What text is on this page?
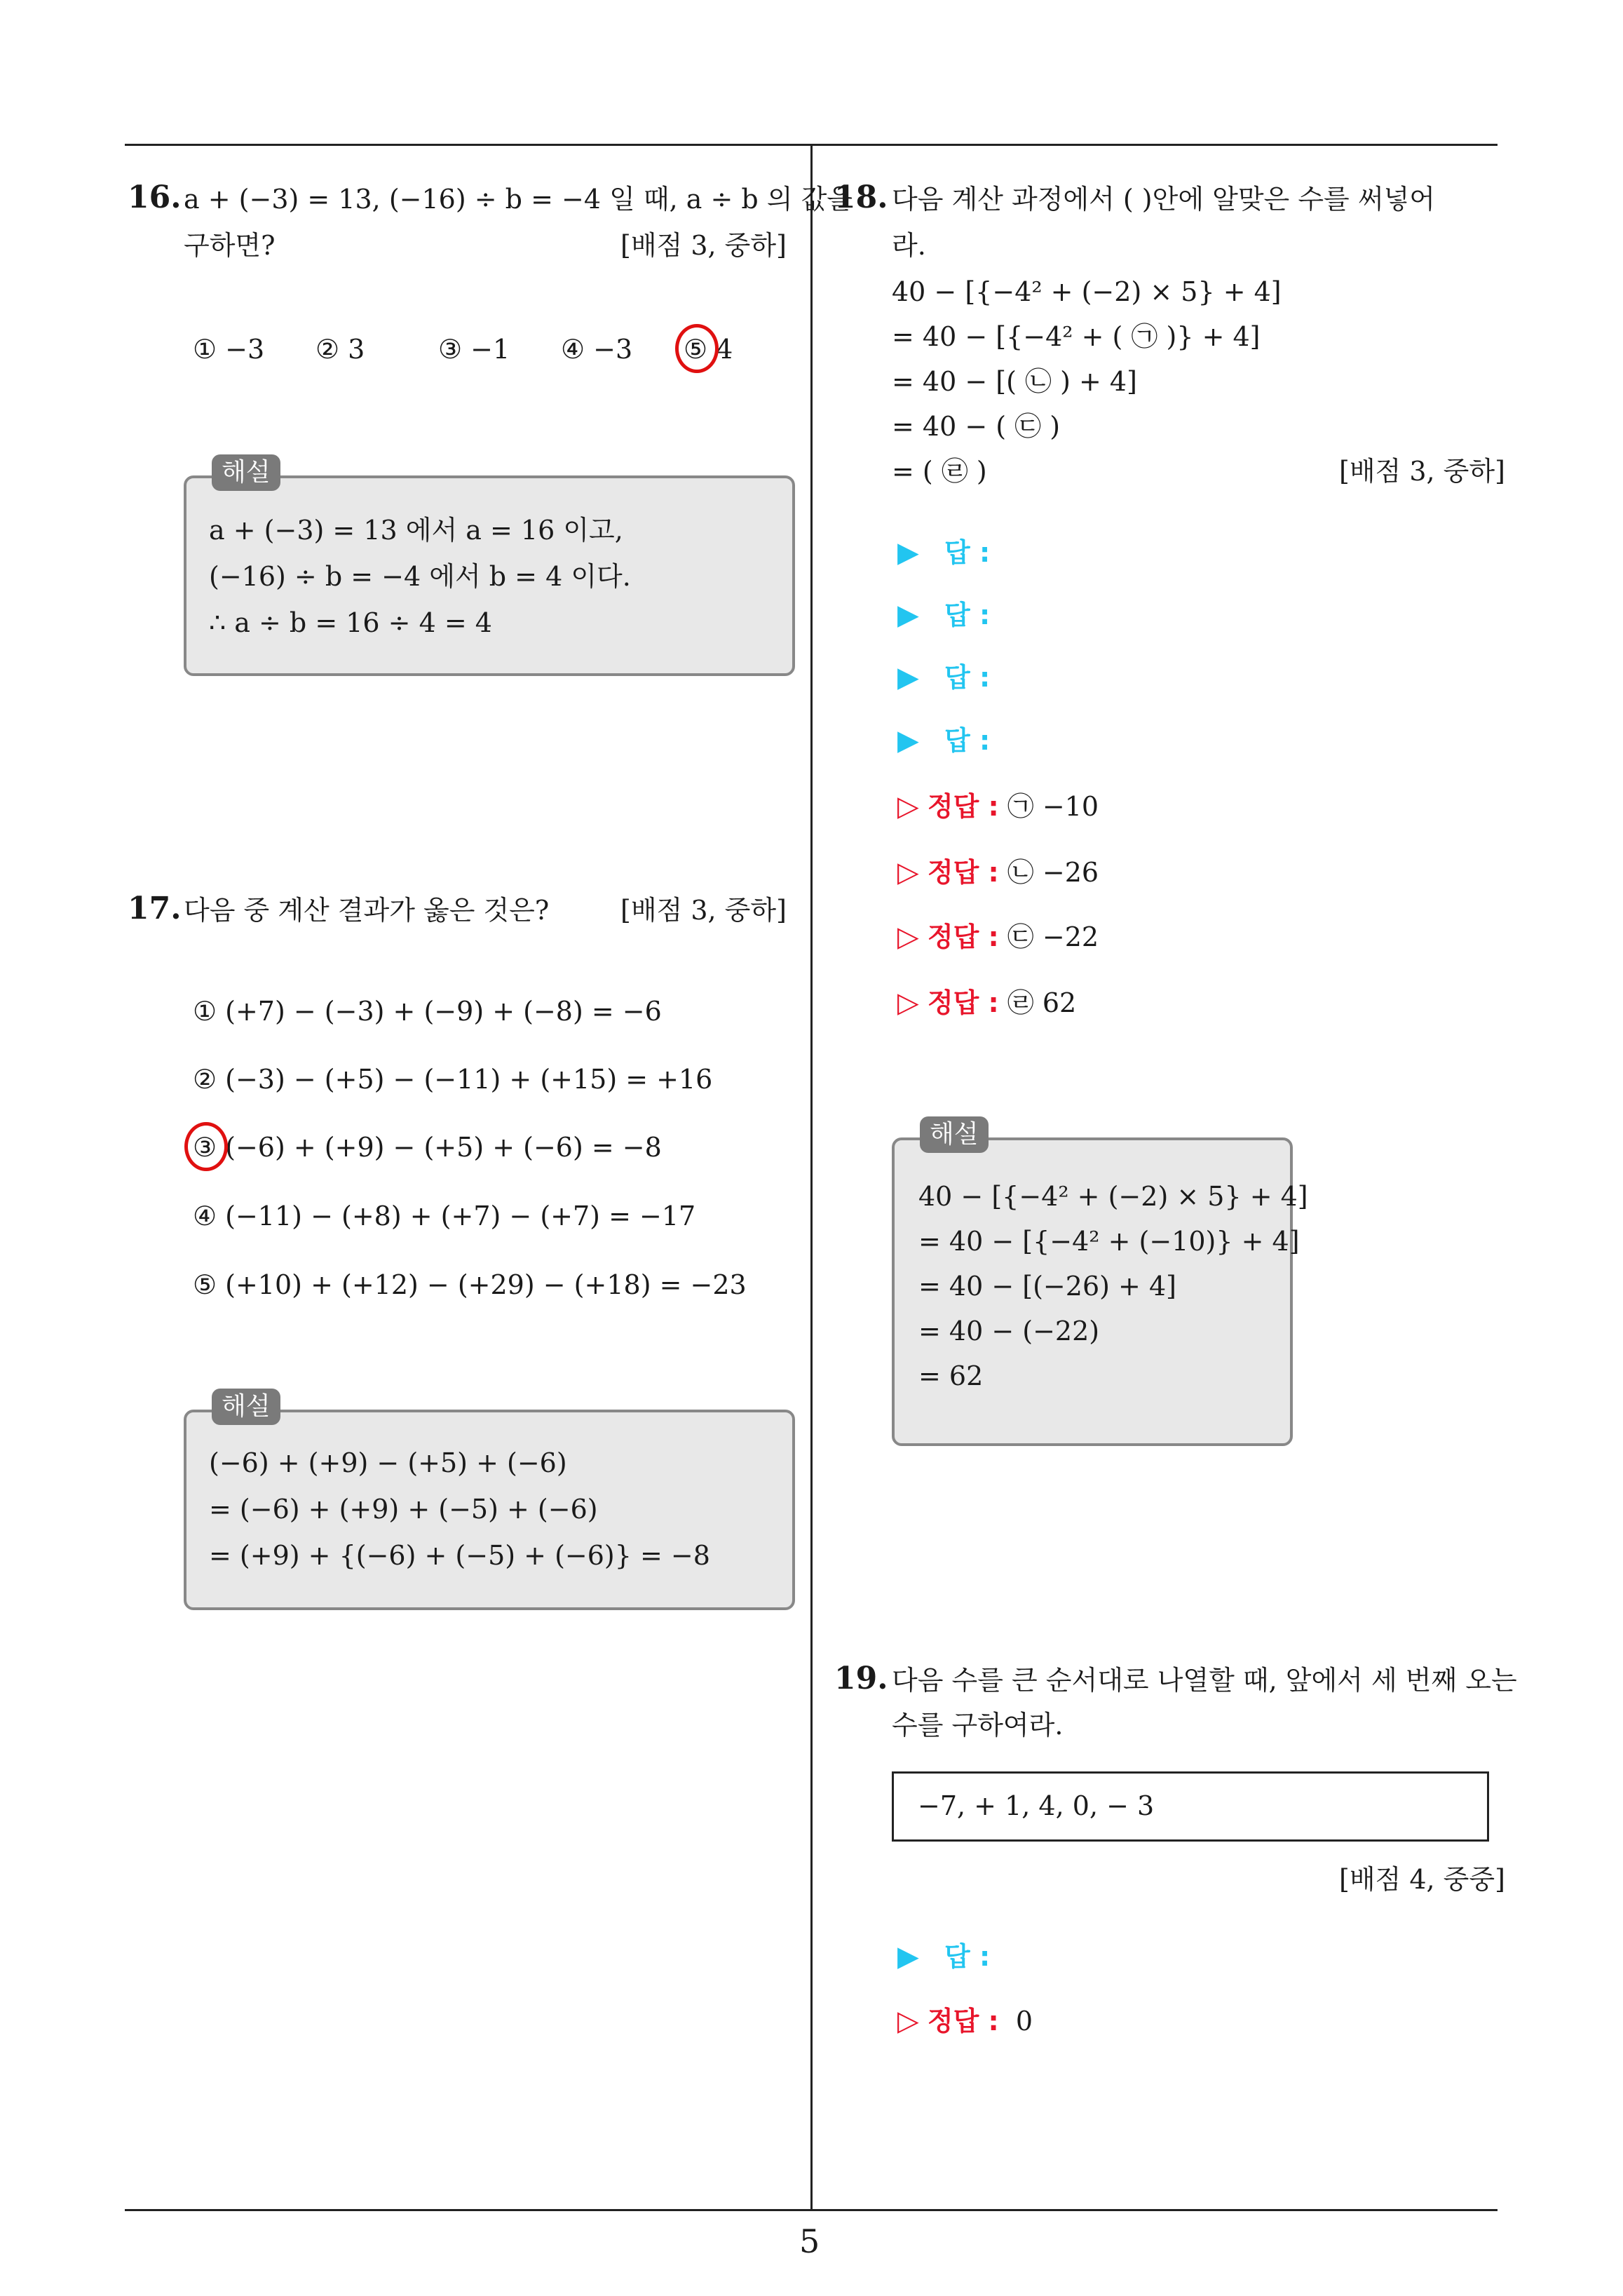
5
16. a + (−3) = 13, (−16) ÷ b = −4 일 때, a ÷ b 의 값을
구하면?	[배점 3, 중하]
① −3 ② 3	③ −1 ④ −3 ⑤ 4
a + (−3) = 13 에서 a = 16 이고,
(−16) ÷ b = −4 에서 b = 4 이다.
∴ a ÷ b = 16 ÷ 4 = 4
해설
17. 다음 중 계산 결과가 옳은 것은?	[배점 3, 중하]
① (+7) − (−3) + (−9) + (−8) = −6
② (−3) − (+5) − (−11) + (+15) = +16
③ (−6) + (+9) − (+5) + (−6) = −8
④ (−11) − (+8) + (+7) − (+7) = −17
⑤ (+10) + (+12) − (+29) − (+18) = −23
(−6) + (+9) − (+5) + (−6)
= (−6) + (+9) + (−5) + (−6)
= (+9) + {(−6) + (−5) + (−6)} = −8
해설
18. 다음 계산 과정에서 ( )안에 알맞은 수를 써넣어
라.
40 − [{−4² + (−2) × 5} + 4]
= 40 − [{−4² + ( ㉠ )} + 4]
= 40 − [( ㉡ ) + 4]
= 40 − ( ㉢ )
= ( ㉣ )	[배점 3, 중하]
▶ 답 :
▶ 답 :
▶ 답 :
▶ 답 :
▷ 정답 : ㉠ −10
▷ 정답 : ㉡ −26
▷ 정답 : ㉢ −22
▷ 정답 : ㉣ 62
40 − [{−4² + (−2) × 5} + 4]
= 40 − [{−4² + (−10)} + 4]
= 40 − [(−26) + 4]
= 40 − (−22)
= 62
해설
19. 다음 수를 큰 순서대로 나열할 때, 앞에서 세 번째 오는
수를 구하여라.
−7, + 1, 4, 0, − 3
[배점 4, 중중]
▶ 답 :
▷ 정답 : 0
